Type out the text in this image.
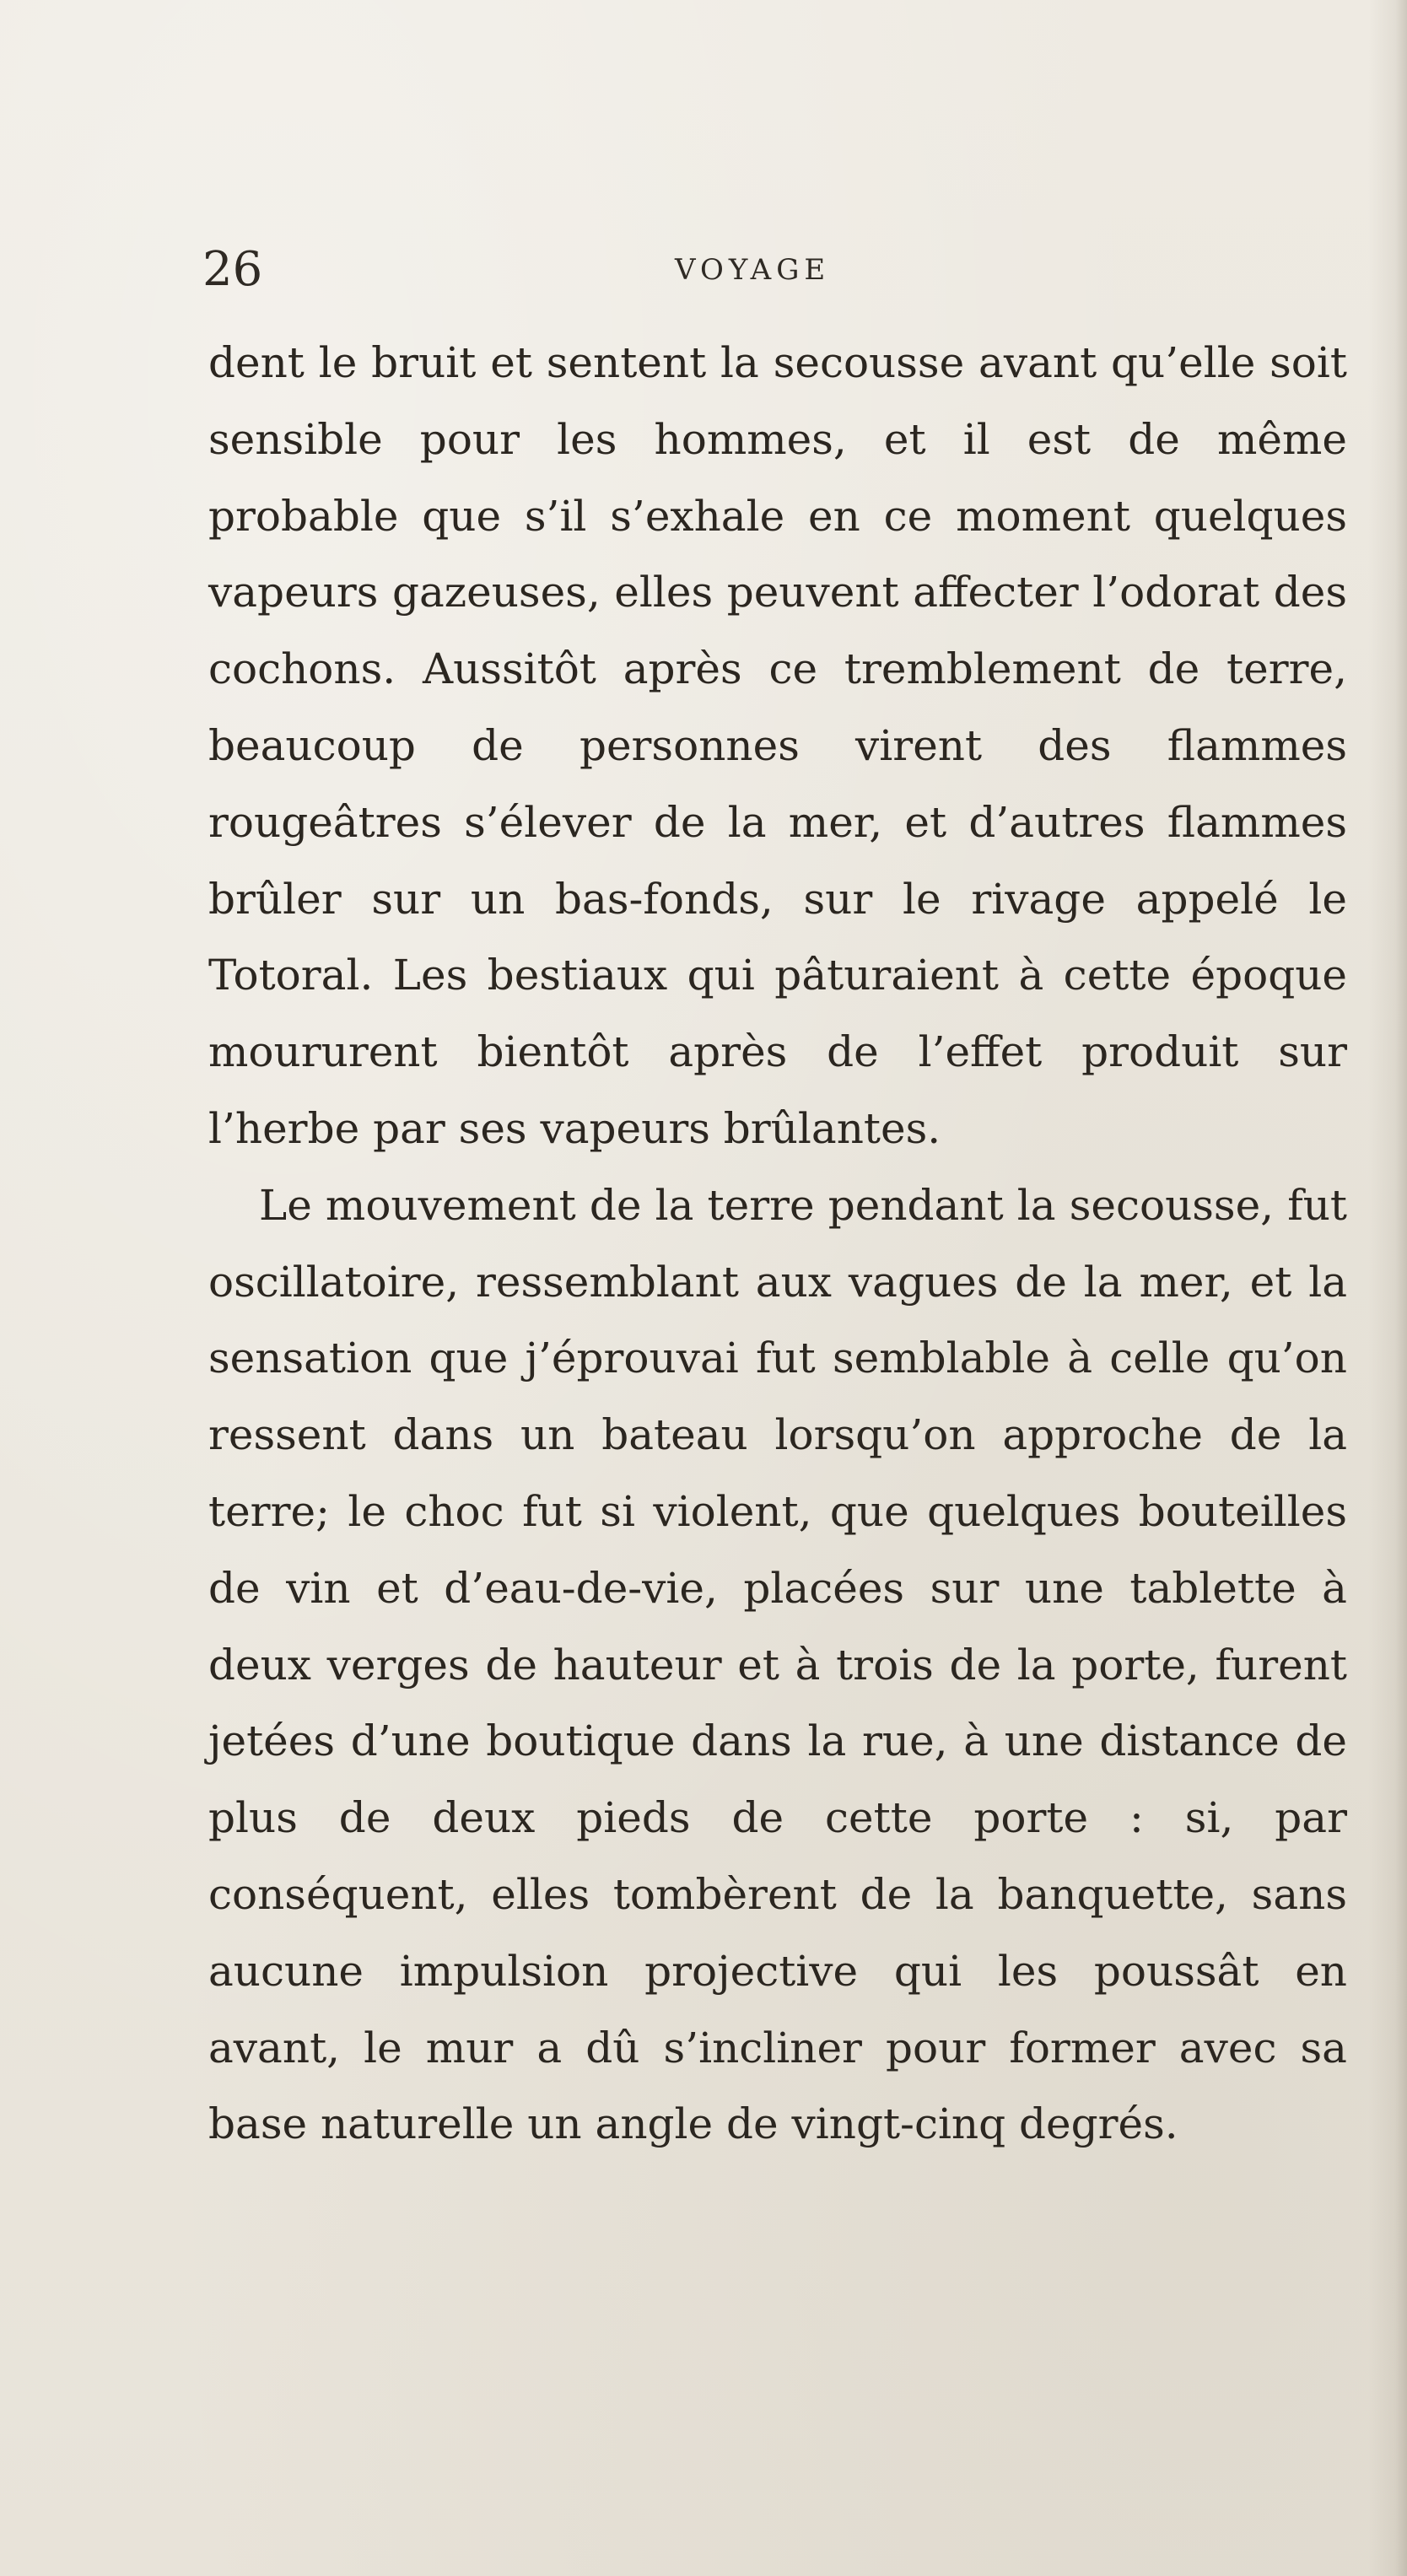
26	VOYAGE

dent le bruit et sentent la secousse avant qu’elle soit sensible pour les hommes, et il est de même probable que s’il s’exhale en ce moment quelques vapeurs gazeuses, elles peuvent affecter l’odorat des cochons. Aussitôt après ce tremblement de terre, beaucoup de personnes virent des flammes rougeâtres s’élever de la mer, et d’autres flammes brûler sur un bas-fonds, sur le rivage appelé le Totoral. Les bestiaux qui pâturaient à cette époque moururent bientôt après de l’effet produit sur l’herbe par ses vapeurs brûlantes.

Le mouvement de la terre pendant la secousse, fut oscillatoire, ressemblant aux vagues de la mer, et la sensation que j’éprouvai fut semblable à celle qu’on ressent dans un bateau lorsqu’on approche de la terre; le choc fut si violent, que quelques bouteilles de vin et d’eau-de-vie, placées sur une tablette à deux verges de hauteur et à trois de la porte, furent jetées d’une boutique dans la rue, à une distance de plus de deux pieds de cette porte : si, par conséquent, elles tombèrent de la banquette, sans aucune impulsion projective qui les poussât en avant, le mur a dû s’incliner pour former avec sa base naturelle un angle de vingt-cinq degrés.
